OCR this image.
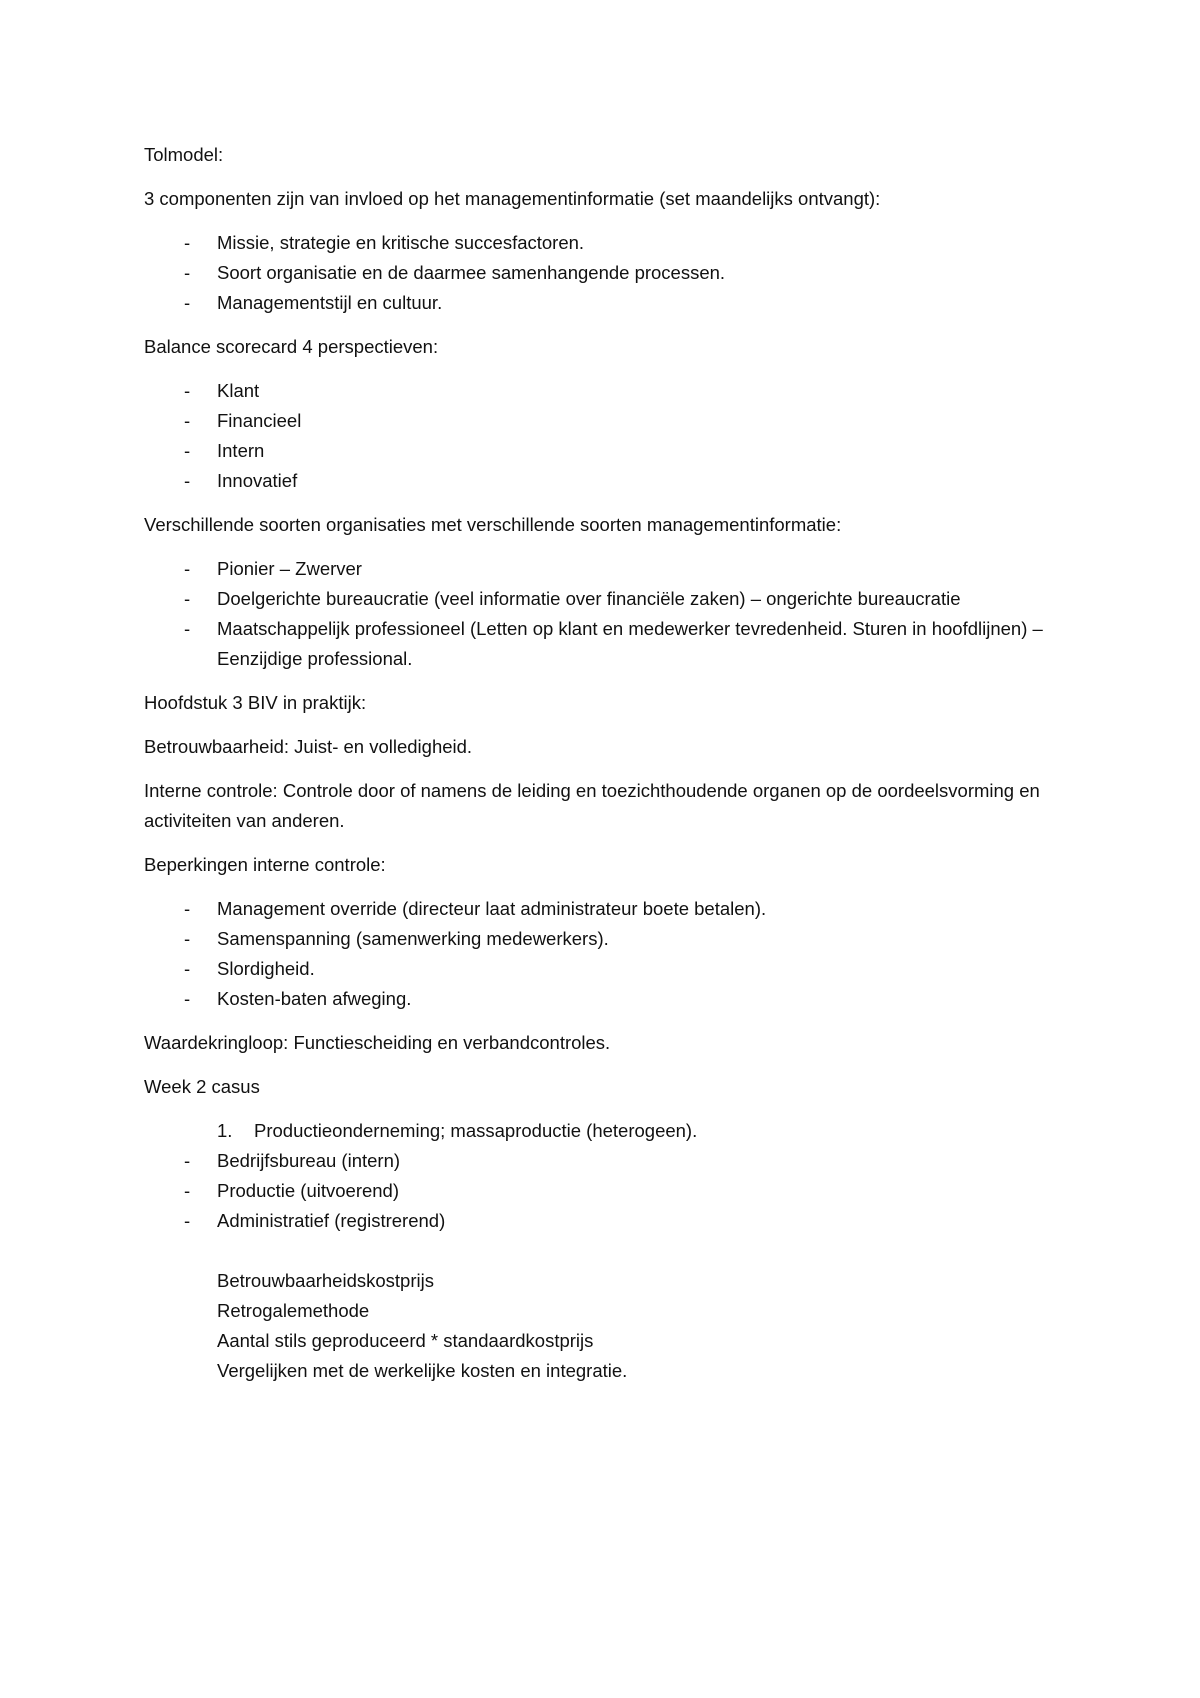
Tolmodel:

3 componenten zijn van invloed op het managementinformatie (set maandelijks ontvangt):

- Missie, strategie en kritische succesfactoren.
- Soort organisatie en de daarmee samenhangende processen.
- Managementstijl en cultuur.

Balance scorecard 4 perspectieven:

- Klant
- Financieel
- Intern
- Innovatief

Verschillende soorten organisaties met verschillende soorten managementinformatie:

- Pionier – Zwerver
- Doelgerichte bureaucratie (veel informatie over financiële zaken) – ongerichte bureaucratie
- Maatschappelijk professioneel (Letten op klant en medewerker tevredenheid. Sturen in hoofdlijnen) – Eenzijdige professional.

Hoofdstuk 3 BIV in praktijk:

Betrouwbaarheid: Juist- en volledigheid.

Interne controle: Controle door of namens de leiding en toezichthoudende organen op de oordeelsvorming en activiteiten van anderen.

Beperkingen interne controle:

- Management override (directeur laat administrateur boete betalen).
- Samenspanning (samenwerking medewerkers).
- Slordigheid.
- Kosten-baten afweging.

Waardekringloop: Functiescheiding en verbandcontroles.

Week 2 casus

1. Productieonderneming; massaproductie (heterogeen).
- Bedrijfsbureau (intern)
- Productie (uitvoerend)
- Administratief (registrerend)
Betrouwbaarheidskostprijs
Retrogalemethode
Aantal stils geproduceerd * standaardkostprijs
Vergelijken met de werkelijke kosten en integratie.
